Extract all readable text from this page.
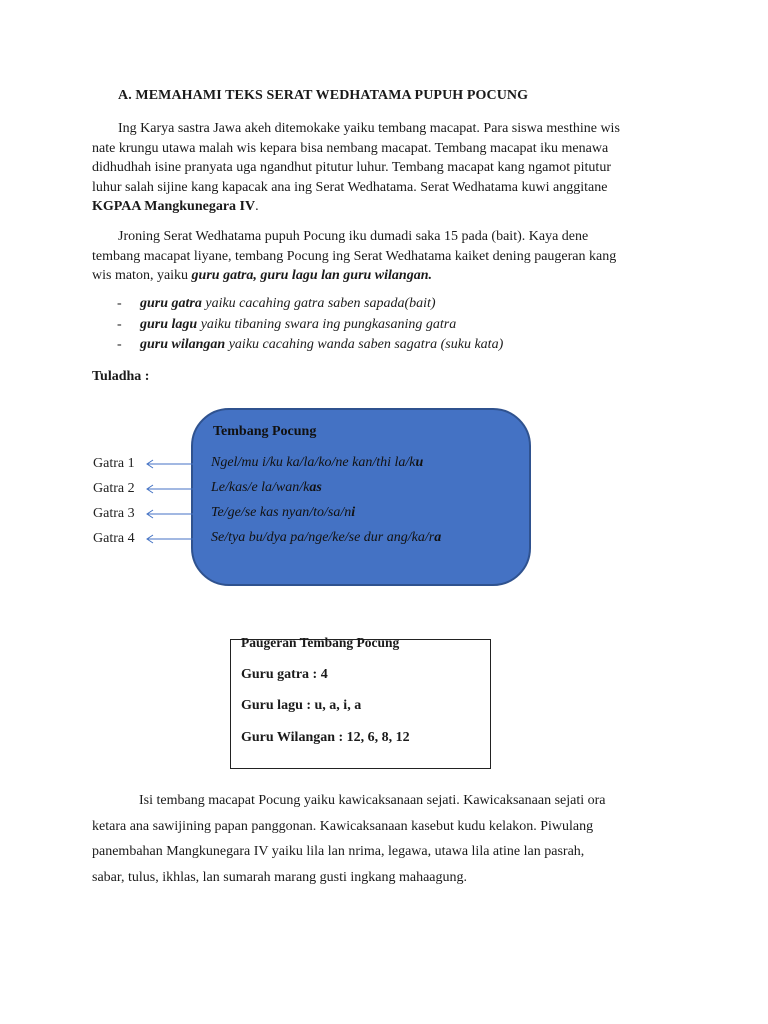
A. MEMAHAMI TEKS SERAT WEDHATAMA PUPUH POCUNG

Ing Karya sastra Jawa akeh ditemokake yaiku tembang macapat. Para siswa mesthine wis

nate krungu utawa malah wis kepara bisa nembang macapat. Tembang macapat iku menawa

didhudhah isine pranyata uga ngandhut pitutur luhur. Tembang macapat kang ngamot pitutur

luhur salah sijine kang kapacak ana ing Serat Wedhatama. Serat Wedhatama kuwi anggitane

KGPAA Mangkunegara IV.

Jroning Serat Wedhatama pupuh Pocung iku dumadi saka 15 pada (bait). Kaya dene

tembang macapat liyane, tembang Pocung ing Serat Wedhatama kaiket dening paugeran kang

wis maton, yaiku guru gatra, guru lagu lan guru wilangan.

- guru gatra yaiku cacahing gatra saben sapada(bait)
- guru lagu yaiku tibaning swara ing pungkasaning gatra
- guru wilangan yaiku cacahing wanda saben sagatra (suku kata)
Tuladha :
Tembang Pocung
Ngel/mu i/ku ka/la/ko/ne kan/thi la/ku
Le/kas/e la/wan/kas
Te/ge/se kas nyan/to/sa/ni
Se/tya bu/dya pa/nge/ke/se dur ang/ka/ra
Gatra 1
Gatra 2
Gatra 3
Gatra 4
Paugeran Tembang Pocung
Guru gatra : 4
Guru lagu : u, a, i, a
Guru Wilangan : 12, 6, 8, 12

Isi tembang macapat Pocung yaiku kawicaksanaan sejati. Kawicaksanaan sejati ora

ketara ana sawijining papan panggonan. Kawicaksanaan kasebut kudu kelakon. Piwulang

panembahan Mangkunegara IV yaiku lila lan nrima, legawa, utawa lila atine lan pasrah,

sabar, tulus, ikhlas, lan sumarah marang gusti ingkang mahaagung.
